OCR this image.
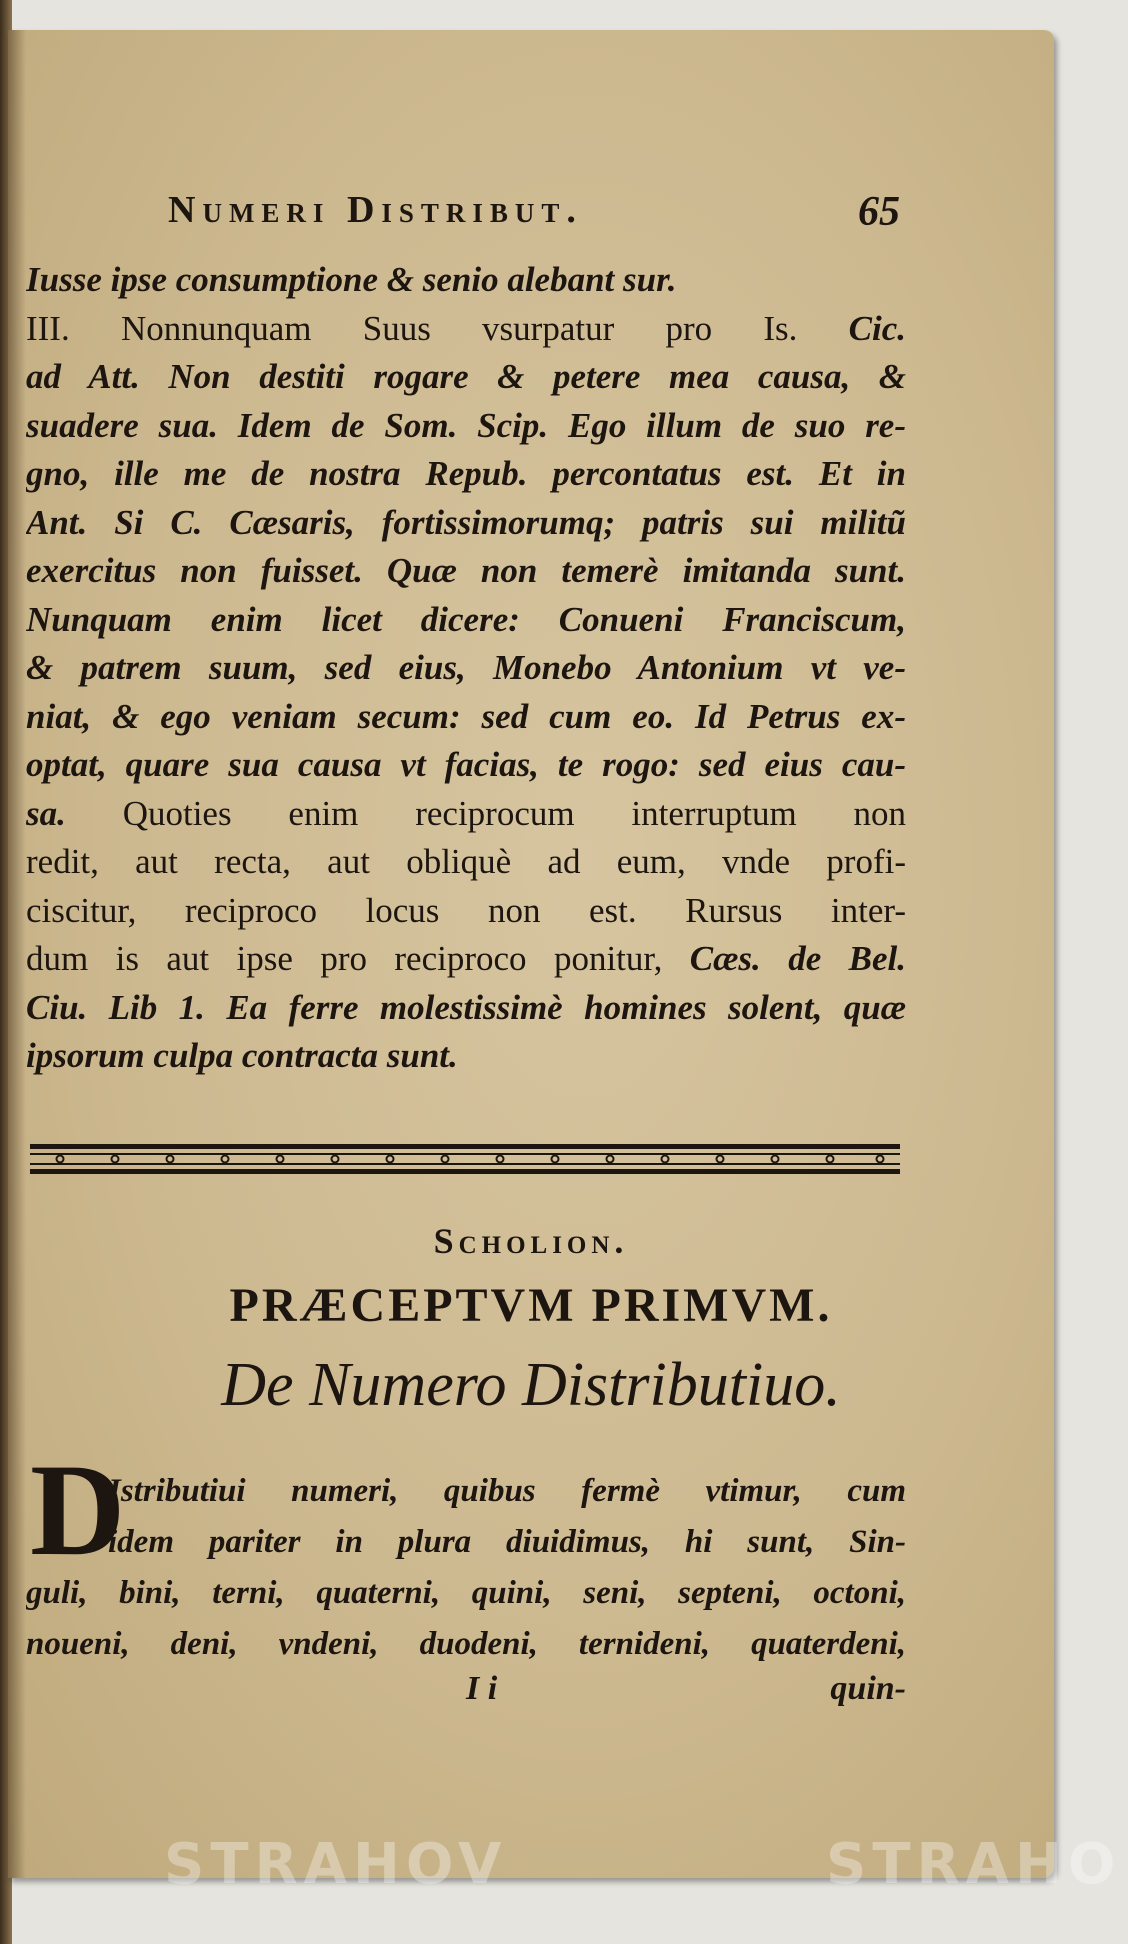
Numeri Distribut.	65
Iusse ipse consumptione & senio alebant sur.
III. Nonnunquam Suus vsurpatur pro Is. Cic.
ad Att. Non destiti rogare & petere mea causa, &
suadere sua. Idem de Som. Scip. Ego illum de suo re-
gno, ille me de nostra Repub. percontatus est. Et in
Ant. Si C. Cæsaris, fortissimorumq; patris sui militũ
exercitus non fuisset. Quæ non temerè imitanda sunt.
Nunquam enim licet dicere: Conueni Franciscum,
& patrem suum, sed eius, Monebo Antonium vt ve-
niat, & ego veniam secum: sed cum eo. Id Petrus ex-
optat, quare sua causa vt facias, te rogo: sed eius cau-
sa. Quoties enim reciprocum interruptum non
redit, aut recta, aut obliquè ad eum, vnde profi-
ciscitur, reciproco locus non est. Rursus inter-
dum is aut ipse pro reciproco ponitur, Cæs. de Bel.
Ciu. Lib 1. Ea ferre molestissimè homines solent, quæ
ipsorum culpa contracta sunt.
Scholion.
PRÆCEPTVM PRIMVM.
De Numero Distributiuo.
D
Istributiui numeri, quibus fermè vtimur, cum
idem pariter in plura diuidimus, hi sunt, Sin-
guli, bini, terni, quaterni, quini, seni, septeni, octoni,
noueni, deni, vndeni, duodeni, ternideni, quaterdeni,
I i	quin-
STRAHOV	STRAHO
